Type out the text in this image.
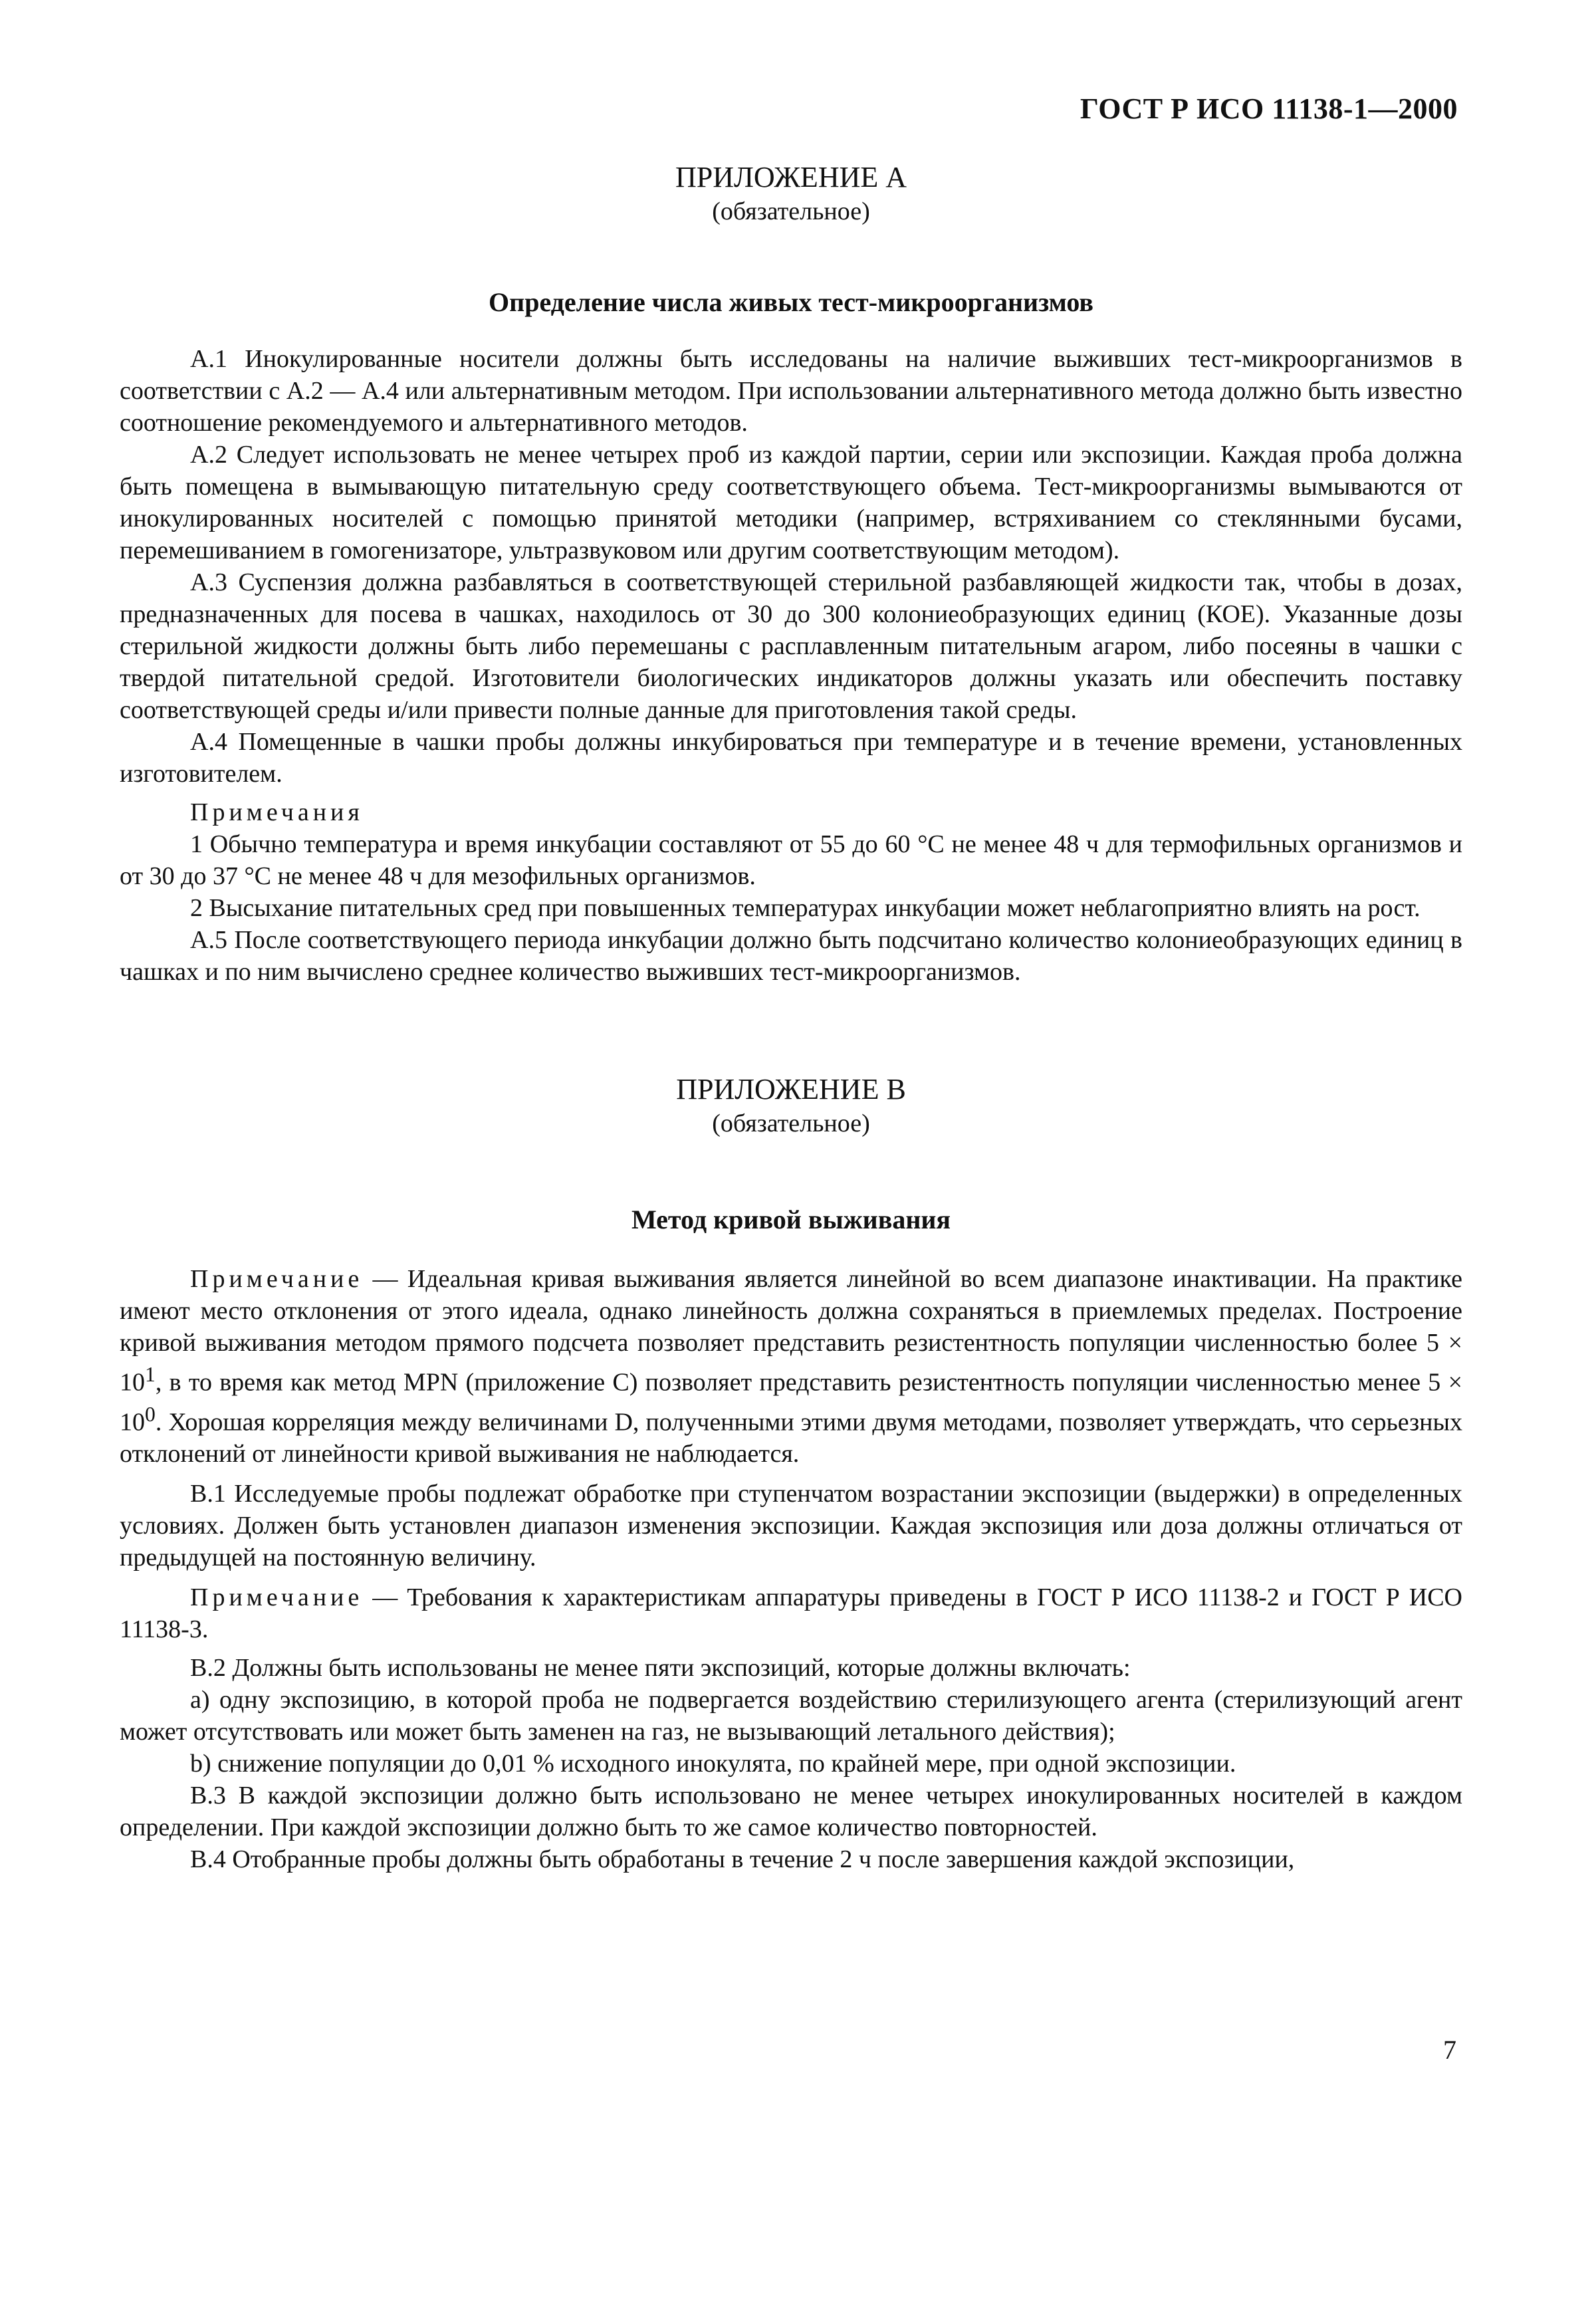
ГОСТ Р ИСО 11138-1—2000

ПРИЛОЖЕНИЕ А

(обязательное)

Определение числа живых тест-микроорганизмов

А.1 Инокулированные носители должны быть исследованы на наличие выживших тест-микроорганизмов в соответствии с А.2 — А.4 или альтернативным методом. При использовании альтернативного метода должно быть известно соотношение рекомендуемого и альтернативного методов.

А.2 Следует использовать не менее четырех проб из каждой партии, серии или экспозиции. Каждая проба должна быть помещена в вымывающую питательную среду соответствующего объема. Тест-микроорганизмы вымываются от инокулированных носителей с помощью принятой методики (например, встряхиванием со стеклянными бусами, перемешиванием в гомогенизаторе, ультразвуковом или другим соответствующим методом).

А.3 Суспензия должна разбавляться в соответствующей стерильной разбавляющей жидкости так, чтобы в дозах, предназначенных для посева в чашках, находилось от 30 до 300 колониеобразующих единиц (КОЕ). Указанные дозы стерильной жидкости должны быть либо перемешаны с расплавленным питательным агаром, либо посеяны в чашки с твердой питательной средой. Изготовители биологических индикаторов должны указать или обеспечить поставку соответствующей среды и/или привести полные данные для приготовления такой среды.

А.4 Помещенные в чашки пробы должны инкубироваться при температуре и в течение времени, установленных изготовителем.

Примечания

1 Обычно температура и время инкубации составляют от 55 до 60 °С не менее 48 ч для термофильных организмов и от 30 до 37 °С не менее 48 ч для мезофильных организмов.

2 Высыхание питательных сред при повышенных температурах инкубации может неблагоприятно влиять на рост.

А.5 После соответствующего периода инкубации должно быть подсчитано количество колониеобразующих единиц в чашках и по ним вычислено среднее количество выживших тест-микроорганизмов.

ПРИЛОЖЕНИЕ В

(обязательное)

Метод кривой выживания

Примечание — Идеальная кривая выживания является линейной во всем диапазоне инактивации. На практике имеют место отклонения от этого идеала, однако линейность должна сохраняться в приемлемых пределах. Построение кривой выживания методом прямого подсчета позволяет представить резистентность популяции численностью более $5 \times 10^1$, в то время как метод MPN (приложение С) позволяет представить резистентность популяции численностью менее $5 \times 10^0$. Хорошая корреляция между величинами D, полученными этими двумя методами, позволяет утверждать, что серьезных отклонений от линейности кривой выживания не наблюдается.

В.1 Исследуемые пробы подлежат обработке при ступенчатом возрастании экспозиции (выдержки) в определенных условиях. Должен быть установлен диапазон изменения экспозиции. Каждая экспозиция или доза должны отличаться от предыдущей на постоянную величину.

Примечание — Требования к характеристикам аппаратуры приведены в ГОСТ Р ИСО 11138-2 и ГОСТ Р ИСО 11138-3.

В.2 Должны быть использованы не менее пяти экспозиций, которые должны включать:

a) одну экспозицию, в которой проба не подвергается воздействию стерилизующего агента (стерилизующий агент может отсутствовать или может быть заменен на газ, не вызывающий летального действия);

b) снижение популяции до 0,01 % исходного инокулята, по крайней мере, при одной экспозиции.

В.3 В каждой экспозиции должно быть использовано не менее четырех инокулированных носителей в каждом определении. При каждой экспозиции должно быть то же самое количество повторностей.

В.4 Отобранные пробы должны быть обработаны в течение 2 ч после завершения каждой экспозиции,

7
